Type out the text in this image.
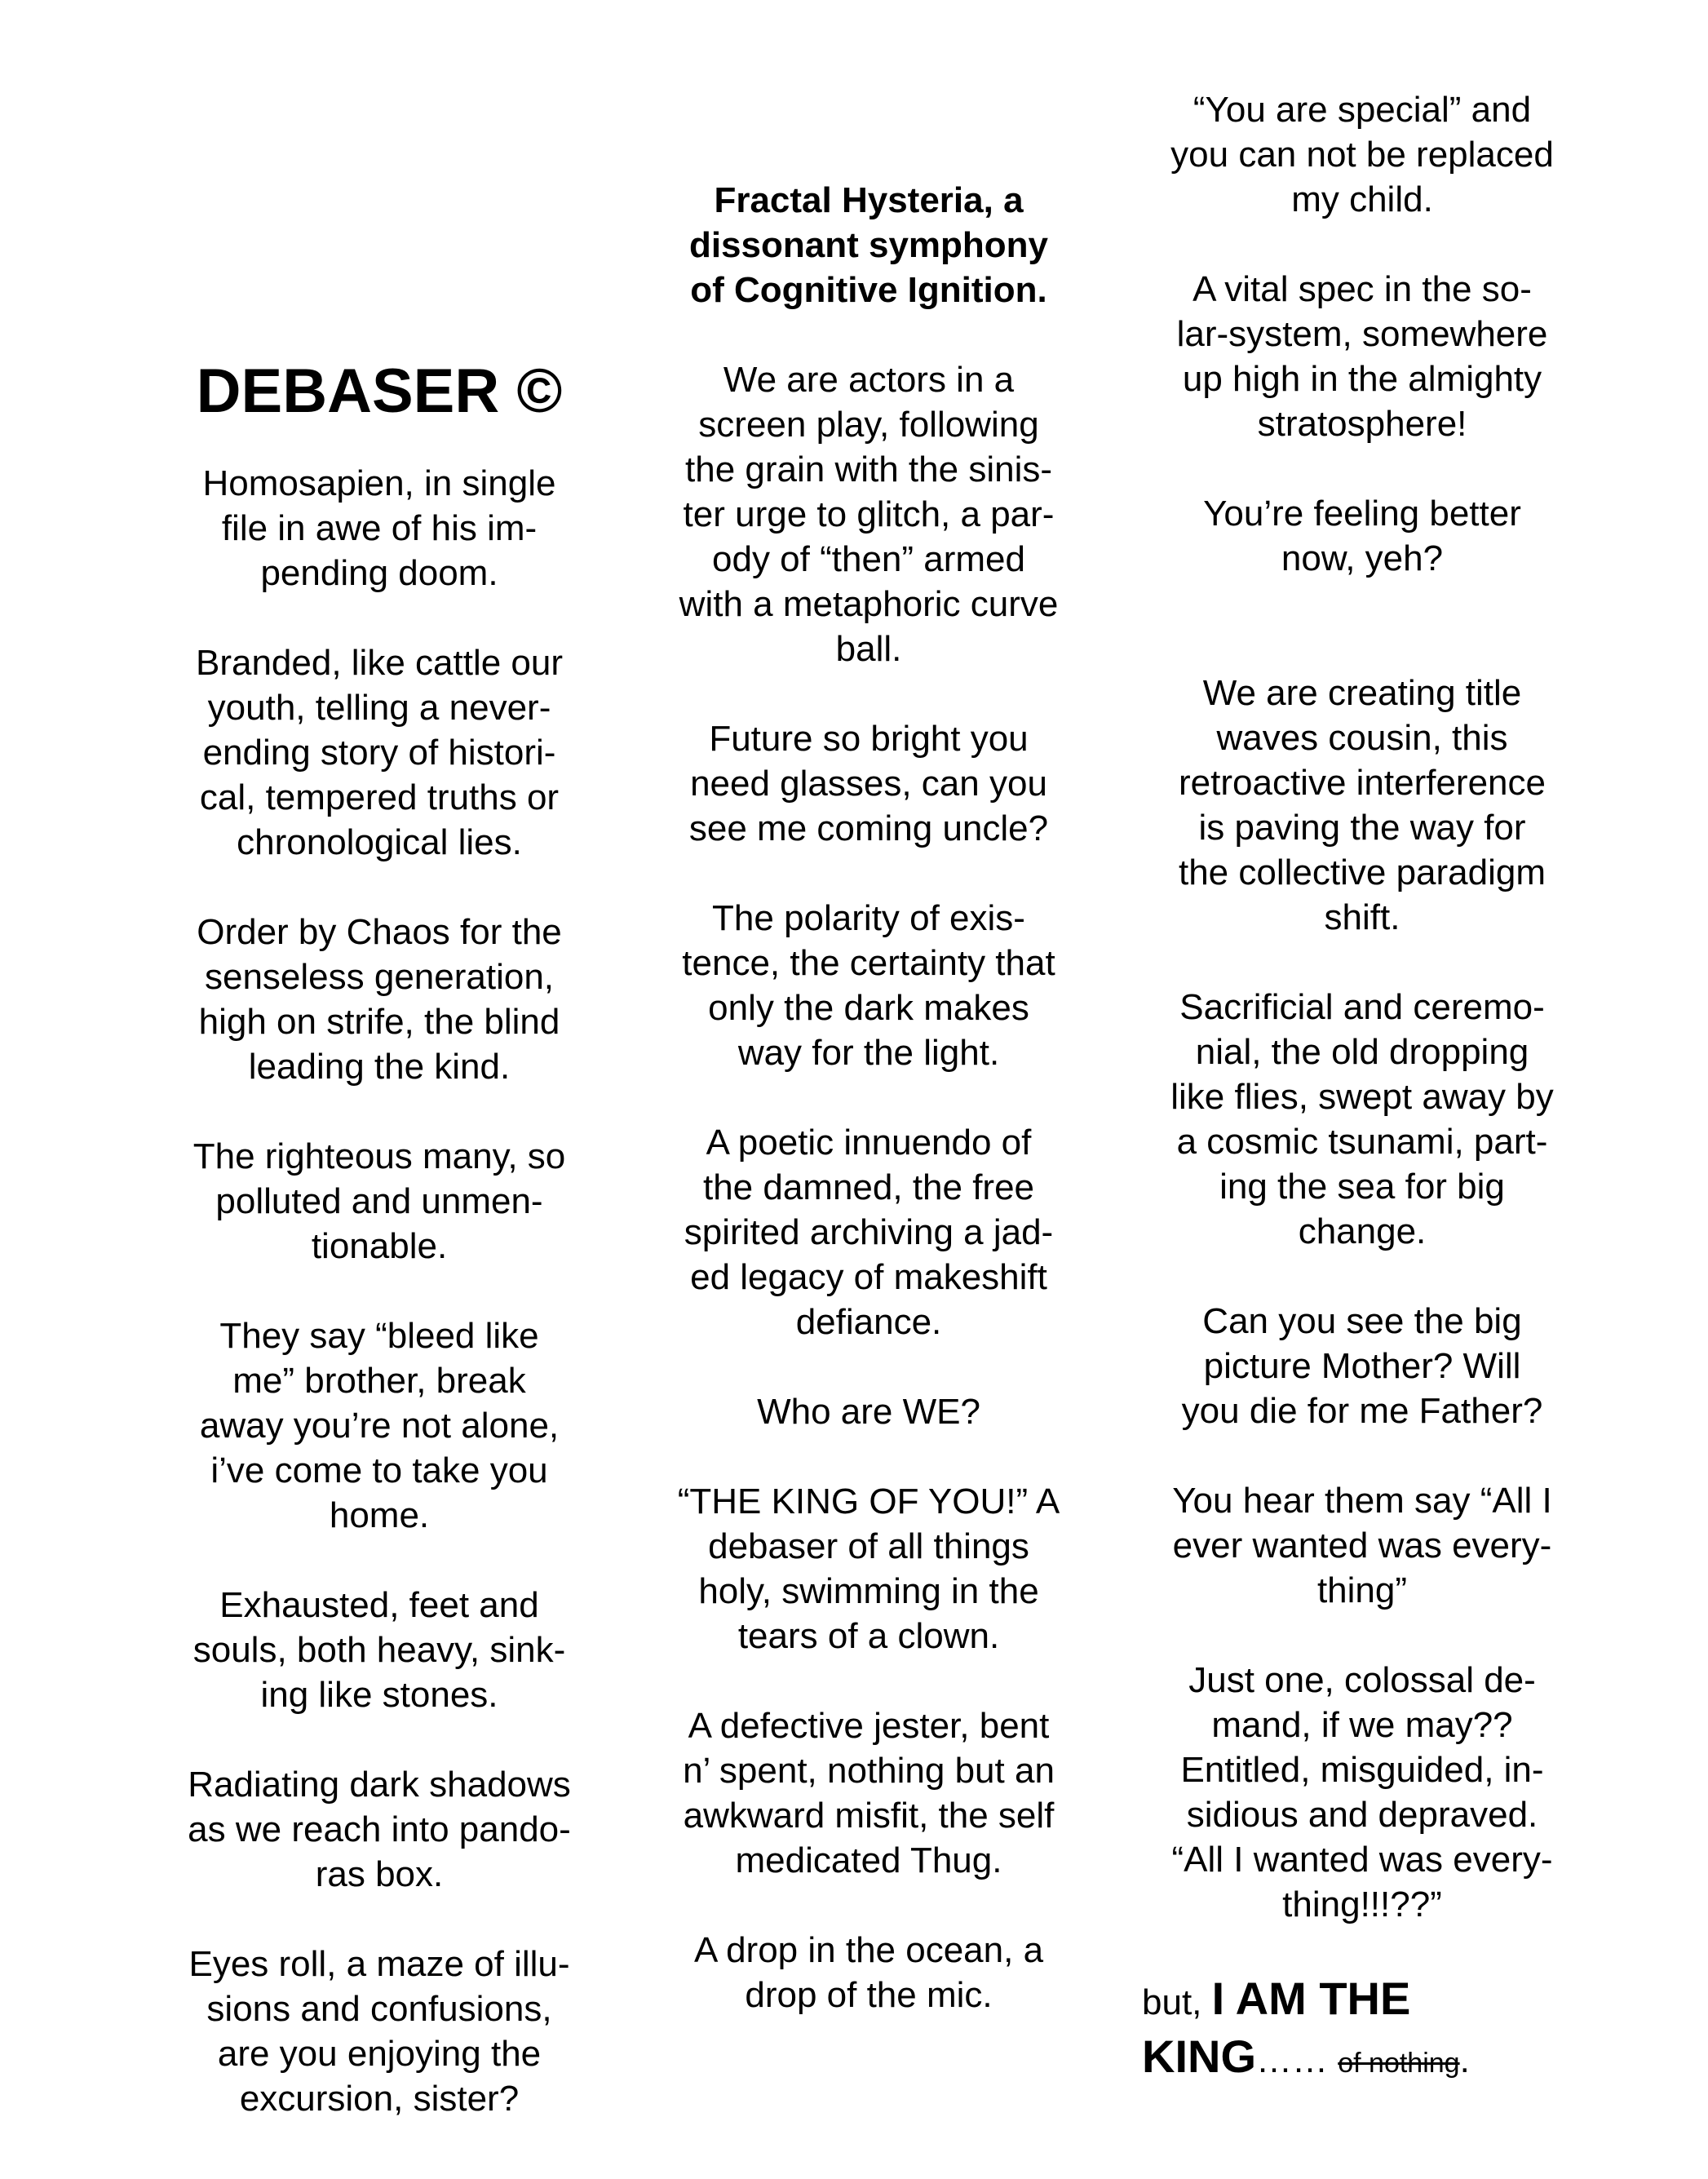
DEBASER ©

Homosapien, in single
file in awe of his im-
pending doom.

Branded, like cattle our
youth, telling a never-
ending story of histori-
cal, tempered truths or
chronological lies.

Order by Chaos for the
senseless generation,
high on strife, the blind
leading the kind.

The righteous many, so
polluted and unmen-
tionable.

They say “bleed like
me” brother, break
away you’re not alone,
i’ve come to take you
home.

Exhausted, feet and
souls, both heavy, sink-
ing like stones.

Radiating dark shadows
as we reach into pando-
ras box.

Eyes roll, a maze of illu-
sions and confusions,
are you enjoying the
excursion, sister?

Fractal Hysteria, a
dissonant symphony
of Cognitive Ignition.

We are actors in a
screen play, following
the grain with the sinis-
ter urge to glitch, a par-
ody of “then” armed
with a metaphoric curve
ball.

Future so bright you
need glasses, can you
see me coming uncle?

The polarity of exis-
tence, the certainty that
only the dark makes
way for the light.

A poetic innuendo of
the damned, the free
spirited archiving a jad-
ed legacy of makeshift
defiance.

Who are WE?

“THE KING OF YOU!” A
debaser of all things
holy, swimming in the
tears of a clown.

A defective jester, bent
n’ spent, nothing but an
awkward misfit, the self
medicated Thug.

A drop in the ocean, a
drop of the mic.

“You are special” and
you can not be replaced
my child.

A vital spec in the so-
lar-system, somewhere
up high in the almighty
stratosphere!

You’re feeling better
now, yeh?

We are creating title
waves cousin, this
retroactive interference
is paving the way for
the collective paradigm
shift.

Sacrificial and ceremo-
nial, the old dropping
like flies, swept away by
a cosmic tsunami, part-
ing the sea for big
change.

Can you see the big
picture Mother? Will
you die for me Father?

You hear them say “All I
ever wanted was every-
thing”

Just one, colossal de-
mand, if we may??
Entitled, misguided, in-
sidious and depraved.
“All I wanted was every-
thing!!!??”

but, I AM THE
KING…… of nothing.
